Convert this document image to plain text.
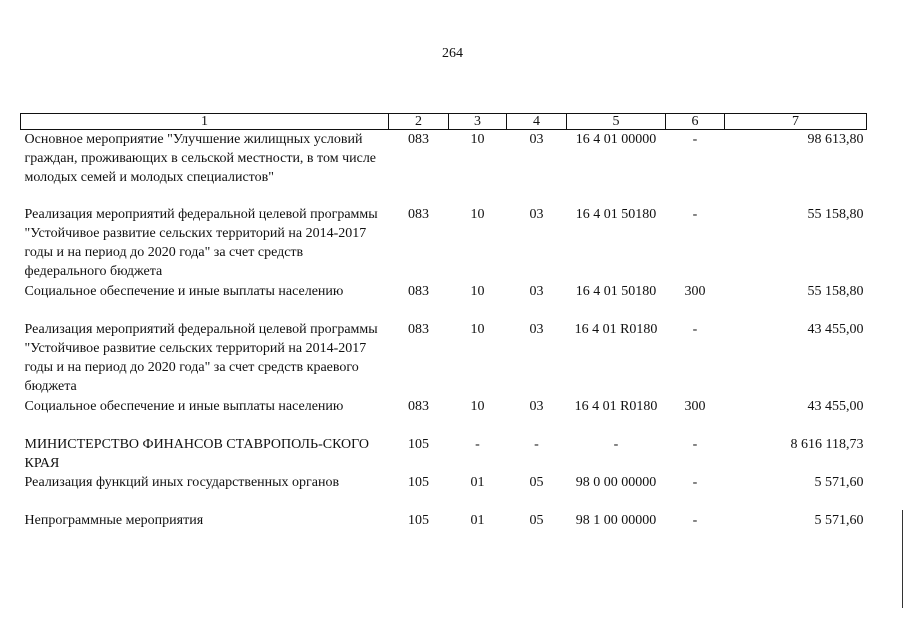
264
1	2	3	4	5	6	7
Основное мероприятие "Улучшение жилищных условий граждан, проживающих в сельской местности, в том числе молодых семей и молодых специалистов"	083	10	03	16 4 01 00000	-	98 613,80
Реализация мероприятий федеральной целевой программы "Устойчивое развитие сельских территорий на 2014-2017 годы и на период до 2020 года" за счет средств федерального бюджета	083	10	03	16 4 01 50180	-	55 158,80
Социальное обеспечение и иные выплаты населению	083	10	03	16 4 01 50180	300	55 158,80
Реализация мероприятий федеральной целевой программы "Устойчивое развитие сельских территорий на 2014-2017 годы и на период до 2020 года" за счет средств краевого бюджета	083	10	03	16 4 01 R0180	-	43 455,00
Социальное обеспечение и иные выплаты населению	083	10	03	16 4 01 R0180	300	43 455,00
МИНИСТЕРСТВО ФИНАНСОВ СТАВРОПОЛЬ-СКОГО КРАЯ	105	-	-	-	-	8 616 118,73
Реализация функций иных государственных органов	105	01	05	98 0 00 00000	-	5 571,60
Непрограммные мероприятия	105	01	05	98 1 00 00000	-	5 571,60
